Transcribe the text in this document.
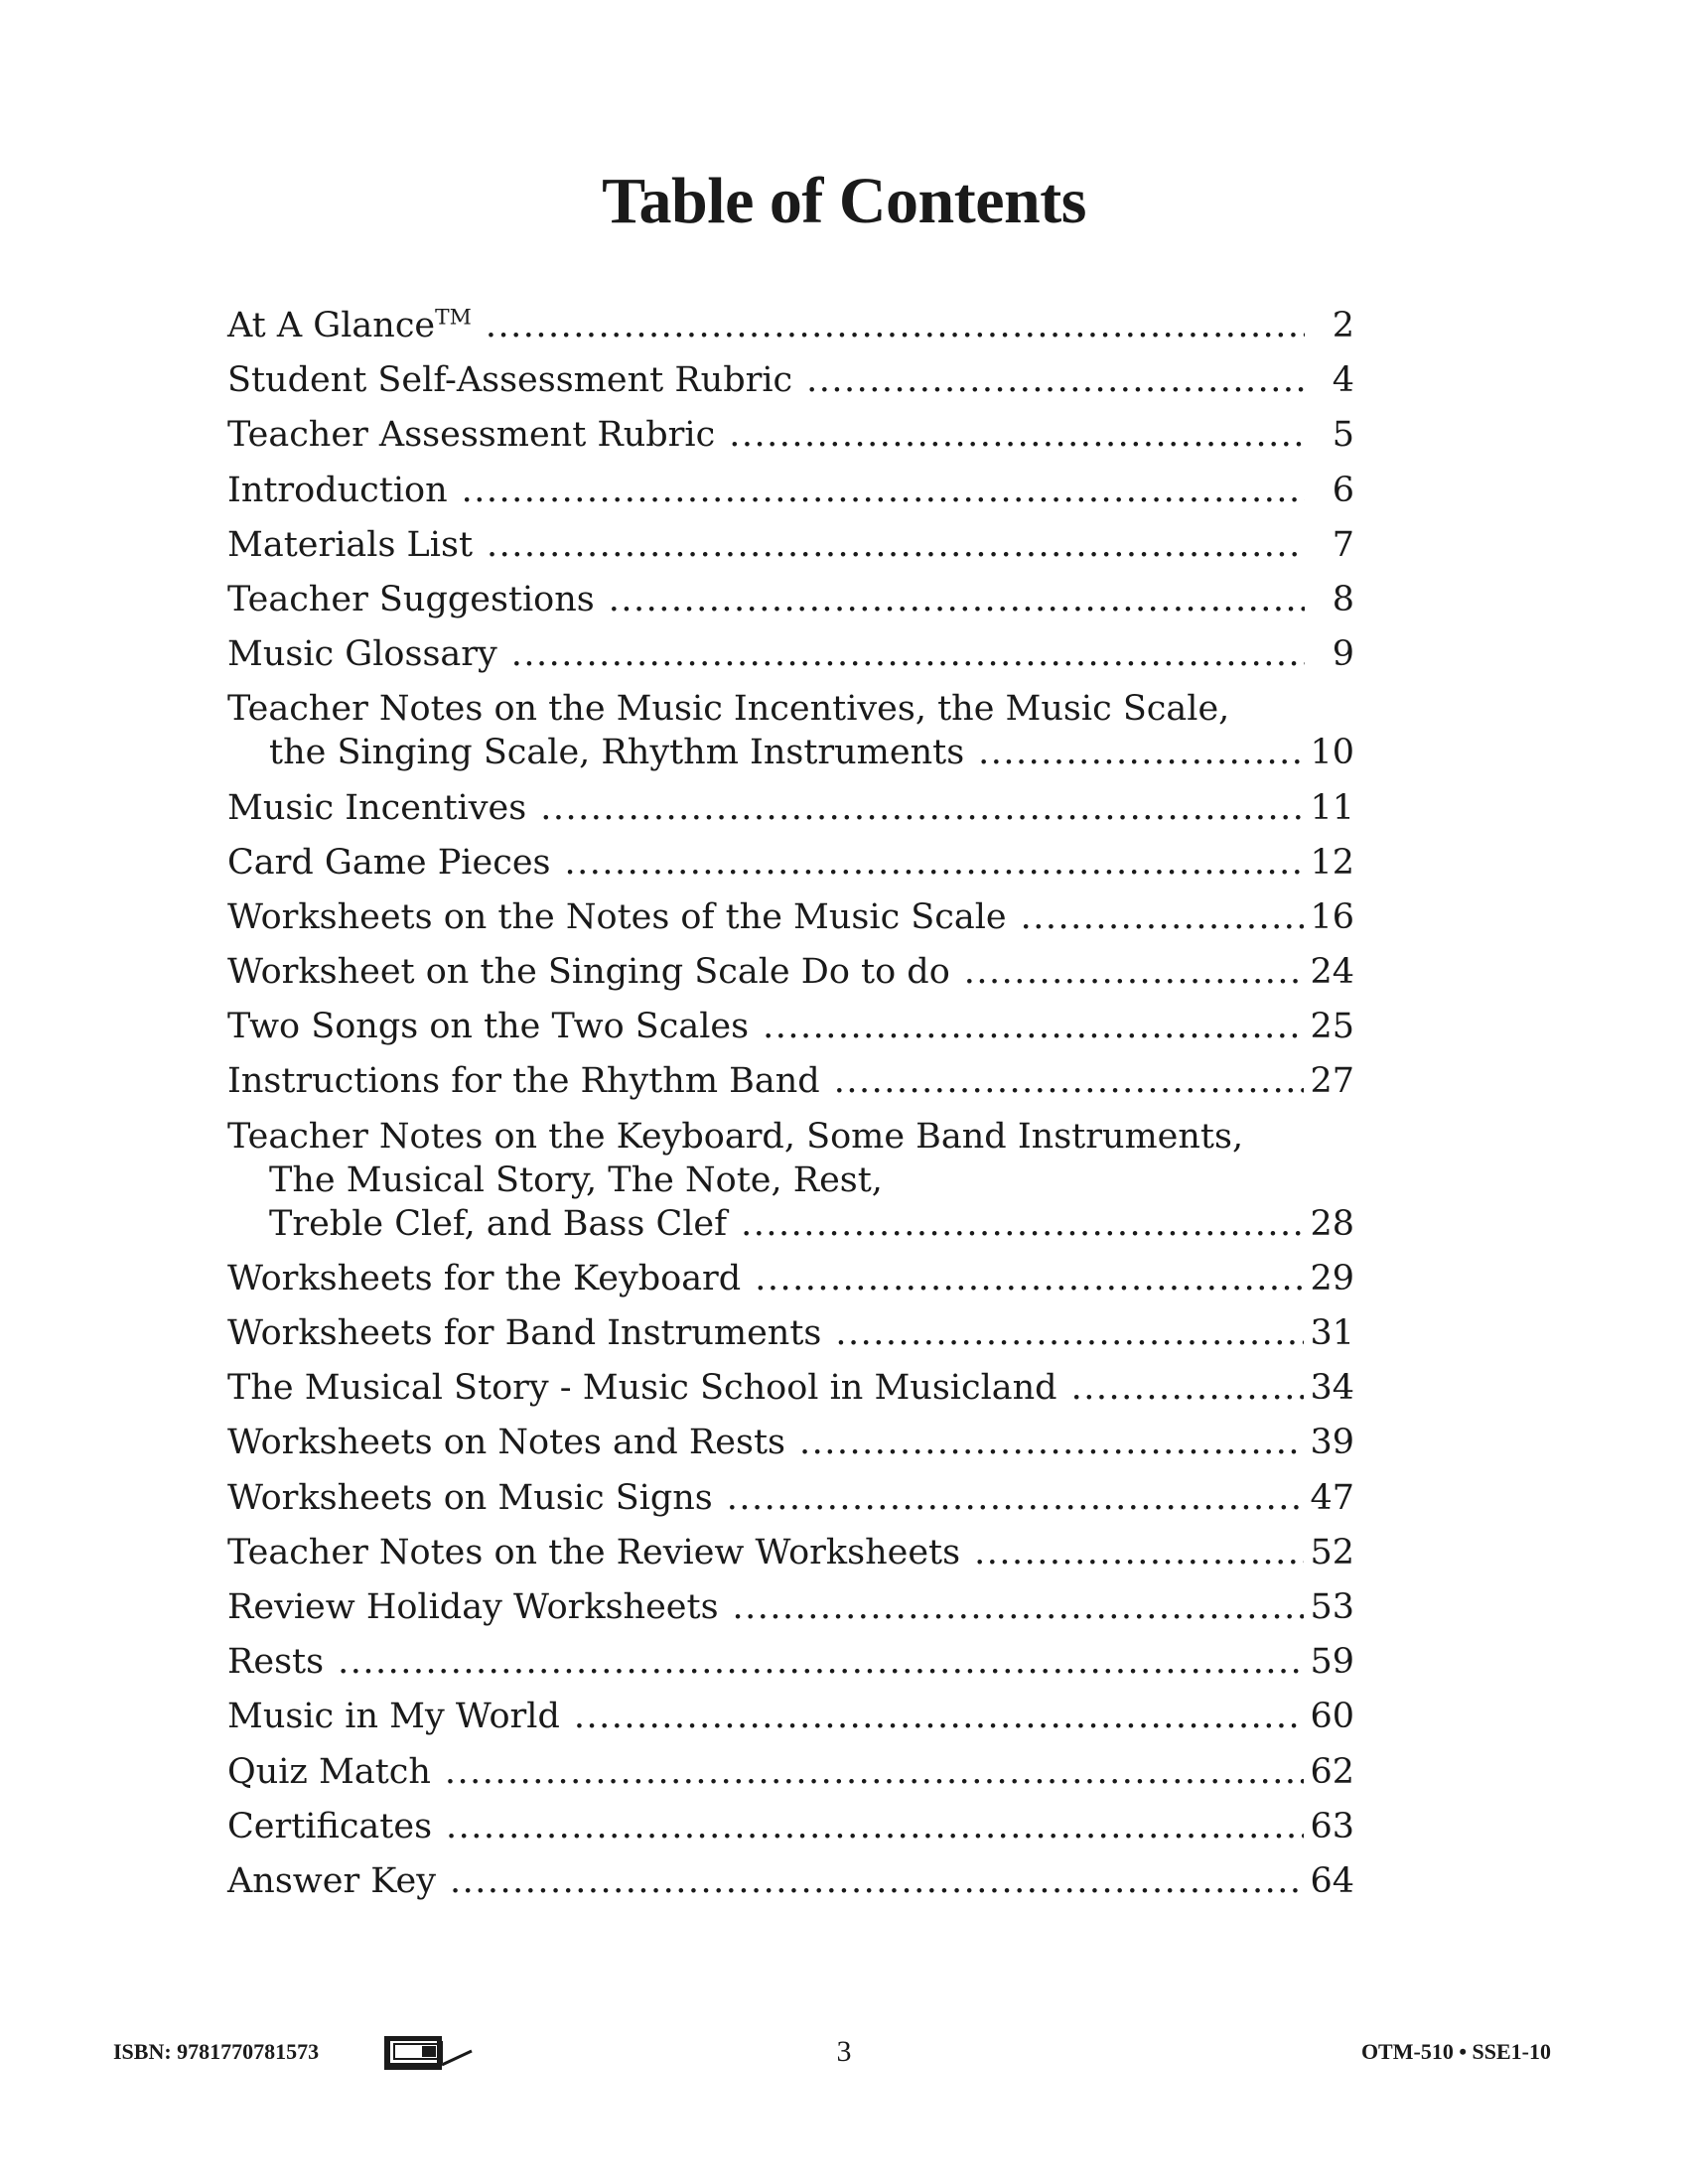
Table of Contents
At A Glance™ .....	2
Student Self-Assessment Rubric .....	4
Teacher Assessment Rubric .....	5
Introduction .....	6
Materials List .....	7
Teacher Suggestions .....	8
Music Glossary .....	9
Teacher Notes on the Music Incentives, the Music Scale,
the Singing Scale, Rhythm Instruments .....	10
Music Incentives .....	11
Card Game Pieces .....	12
Worksheets on the Notes of the Music Scale .....	16
Worksheet on the Singing Scale Do to do .....	24
Two Songs on the Two Scales .....	25
Instructions for the Rhythm Band .....	27
Teacher Notes on the Keyboard, Some Band Instruments,
The Musical Story, The Note, Rest,
Treble Clef, and Bass Clef .....	28
Worksheets for the Keyboard .....	29
Worksheets for Band Instruments .....	31
The Musical Story - Music School in Musicland .....	34
Worksheets on Notes and Rests .....	39
Worksheets on Music Signs .....	47
Teacher Notes on the Review Worksheets .....	52
Review Holiday Worksheets .....	53
Rests .....	59
Music in My World .....	60
Quiz Match .....	62
Certificates .....	63
Answer Key .....	64
ISBN: 9781770781573	3	OTM-510 • SSE1-10
